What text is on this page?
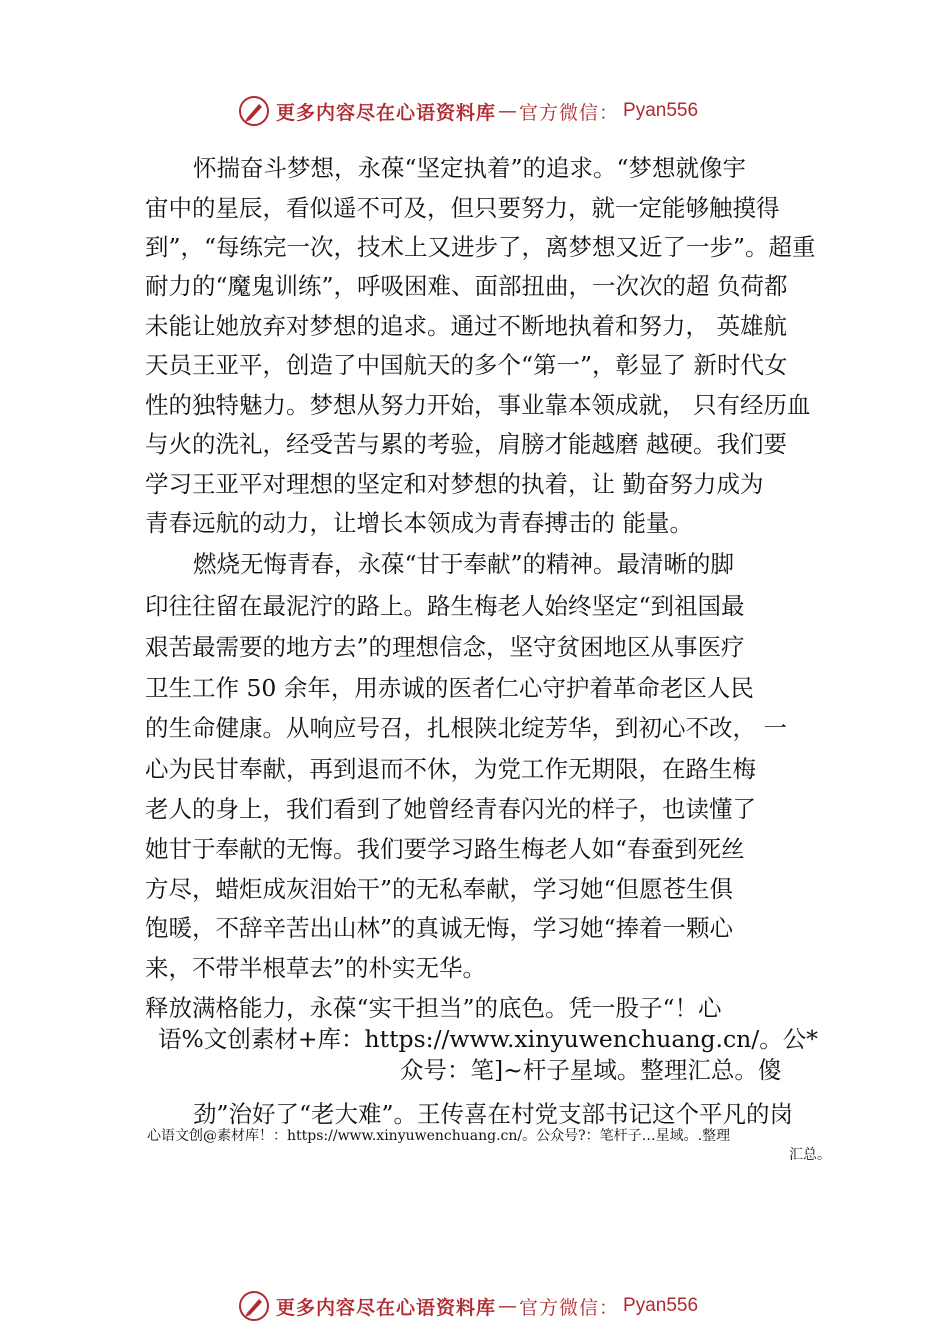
更多内容尽在心语资料库 — 官方微信： Pyan556
怀揣奋斗梦想，永葆“坚定执着”的追求。“梦想就像宇
宙中的星辰，看似遥不可及，但只要努力，就一定能够触摸得
到”，“每练完一次，技术上又进步了，离梦想又近了一步”。超重
耐力的“魔鬼训练”，呼吸困难、面部扭曲，一次次的超 负荷都
未能让她放弃对梦想的追求。通过不断地执着和努力， 英雄航
天员王亚平，创造了中国航天的多个“第一”，彰显了 新时代女
性的独特魅力。梦想从努力开始，事业靠本领成就， 只有经历血
与火的洗礼，经受苦与累的考验，肩膀才能越磨 越硬。我们要
学习王亚平对理想的坚定和对梦想的执着，让 勤奋努力成为
青春远航的动力，让增长本领成为青春搏击的 能量。
燃烧无悔青春，永葆“甘于奉献”的精神。最清晰的脚
印往往留在最泥泞的路上。路生梅老人始终坚定“到祖国最
艰苦最需要的地方去”的理想信念，坚守贫困地区从事医疗
卫生工作 50 余年，用赤诚的医者仁心守护着革命老区人民
的生命健康。从响应号召，扎根陕北绽芳华，到初心不改， 一
心为民甘奉献，再到退而不休，为党工作无期限，在路生梅
老人的身上，我们看到了她曾经青春闪光的样子，也读懂了
她甘于奉献的无悔。我们要学习路生梅老人如“春蚕到死丝
方尽，蜡炬成灰泪始干”的无私奉献，学习她“但愿苍生俱
饱暖，不辞辛苦出山林”的真诚无悔，学习她“捧着一颗心
来，不带半根草去”的朴实无华。
释放满格能力，永葆“实干担当”的底色。凭一股子“！心
语%文创素材+库：https://www.xinyuwenchuang.cn/。公*
众号：笔]~杆子星域。整理汇总。傻
劲”治好了“老大难”。王传喜在村党支部书记这个平凡的岗
心语文创@素材库！：https://www.xinyuwenchuang.cn/。公众号?：笔杆子…星域。.整理
汇总。
更多内容尽在心语资料库 — 官方微信： Pyan556
